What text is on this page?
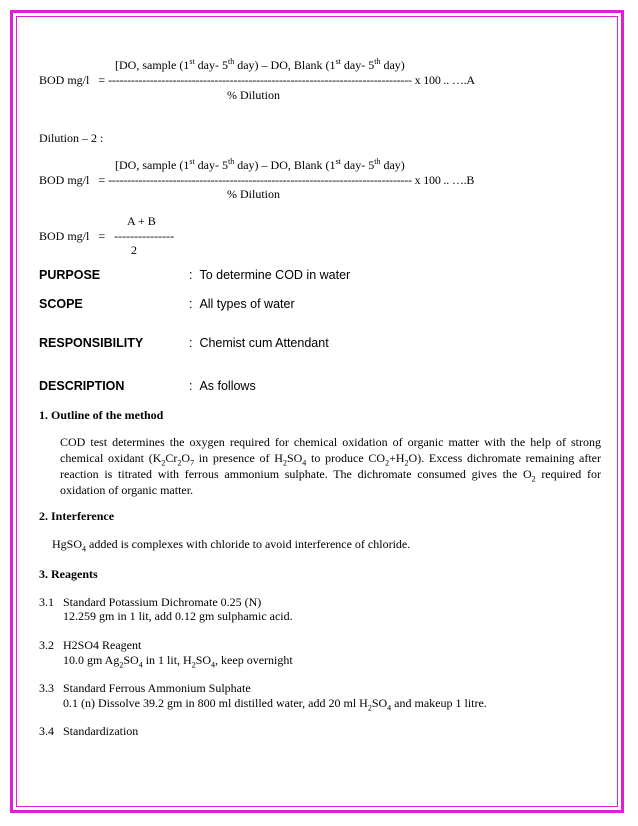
[DO, sample (1st day- 5th day) – DO, Blank (1st day- 5th day)
BOD mg/l = -------------------------------------------------------------------------------- x 100 .. ….A
% Dilution
Dilution – 2 :
[DO, sample (1st day- 5th day) – DO, Blank (1st day- 5th day)
BOD mg/l = -------------------------------------------------------------------------------- x 100 .. ….B
% Dilution
A + B
BOD mg/l = ---------------
2
PURPOSE	: To determine COD in water
SCOPE	: All types of water
RESPONSIBILITY	: Chemist cum Attendant
DESCRIPTION	: As follows
1. Outline of the method
COD test determines the oxygen required for chemical oxidation of organic matter with the help of strong chemical oxidant ($K_2Cr_2O_7$ in presence of $H_2SO_4$ to produce $CO_2+H_2O$). Excess dichromate remaining after reaction is titrated with ferrous ammonium sulphate. The dichromate consumed gives the $O_2$ required for oxidation of organic matter.
2. Interference
HgSO$_4$ added is complexes with chloride to avoid interference of chloride.
3. Reagents
3.1 Standard Potassium Dichromate 0.25 (N)
12.259 gm in 1 lit, add 0.12 gm sulphamic acid.
3.2 H2SO4 Reagent
10.0 gm $Ag_2SO_4$ in 1 lit, $H_2SO_4$, keep overnight
3.3 Standard Ferrous Ammonium Sulphate
0.1 (n) Dissolve 39.2 gm in 800 ml distilled water, add 20 ml $H_2SO_4$ and makeup 1 litre.
3.4 Standardization
